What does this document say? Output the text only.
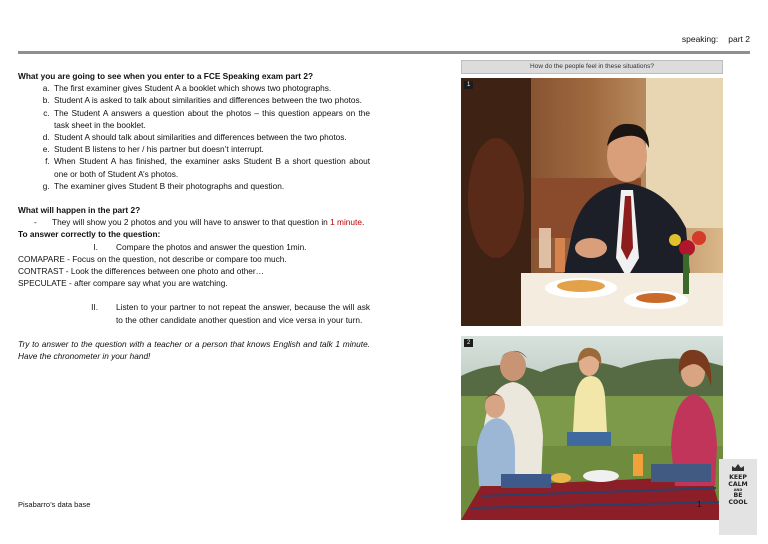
speaking: part 2

What you are going to see when you enter to a FCE Speaking exam part 2?

a. The first examiner gives Student A a booklet which shows two photographs.
b. Student A is asked to talk about similarities and differences between the two photos.
c. The Student A answers a question about the photos – this question appears on the task sheet in the booklet.
d. Student A should talk about similarities and differences between the two photos.
e. Student B listens to her / his partner but doesn’t interrupt.
f. When Student A has finished, the examiner asks Student B a short question about one or both of Student A’s photos.
g. The examiner gives Student B their photographs and question.

What will happen in the part 2?

- They will show you 2 photos and you will have to answer to that question in 1 minute.

To answer correctly to the question:

I.	Compare the photos and answer the question 1min.

COMAPARE - Focus on the question, not describe or compare too much.

CONTRAST - Look the differences between one photo and other…

SPECULATE - after compare say what you are watching.

II.	Listen to your partner to not repeat the answer, because the will ask to the other candidate another question and vice versa in your turn.

Try to answer to the question with a teacher or a person that knows English and talk 1 minute. Have the chronometer in your hand!

How do the people feel in these situations?
1
2
Pisabarro’s data base	1
KEEP
CALM
AND
BE
COOL
